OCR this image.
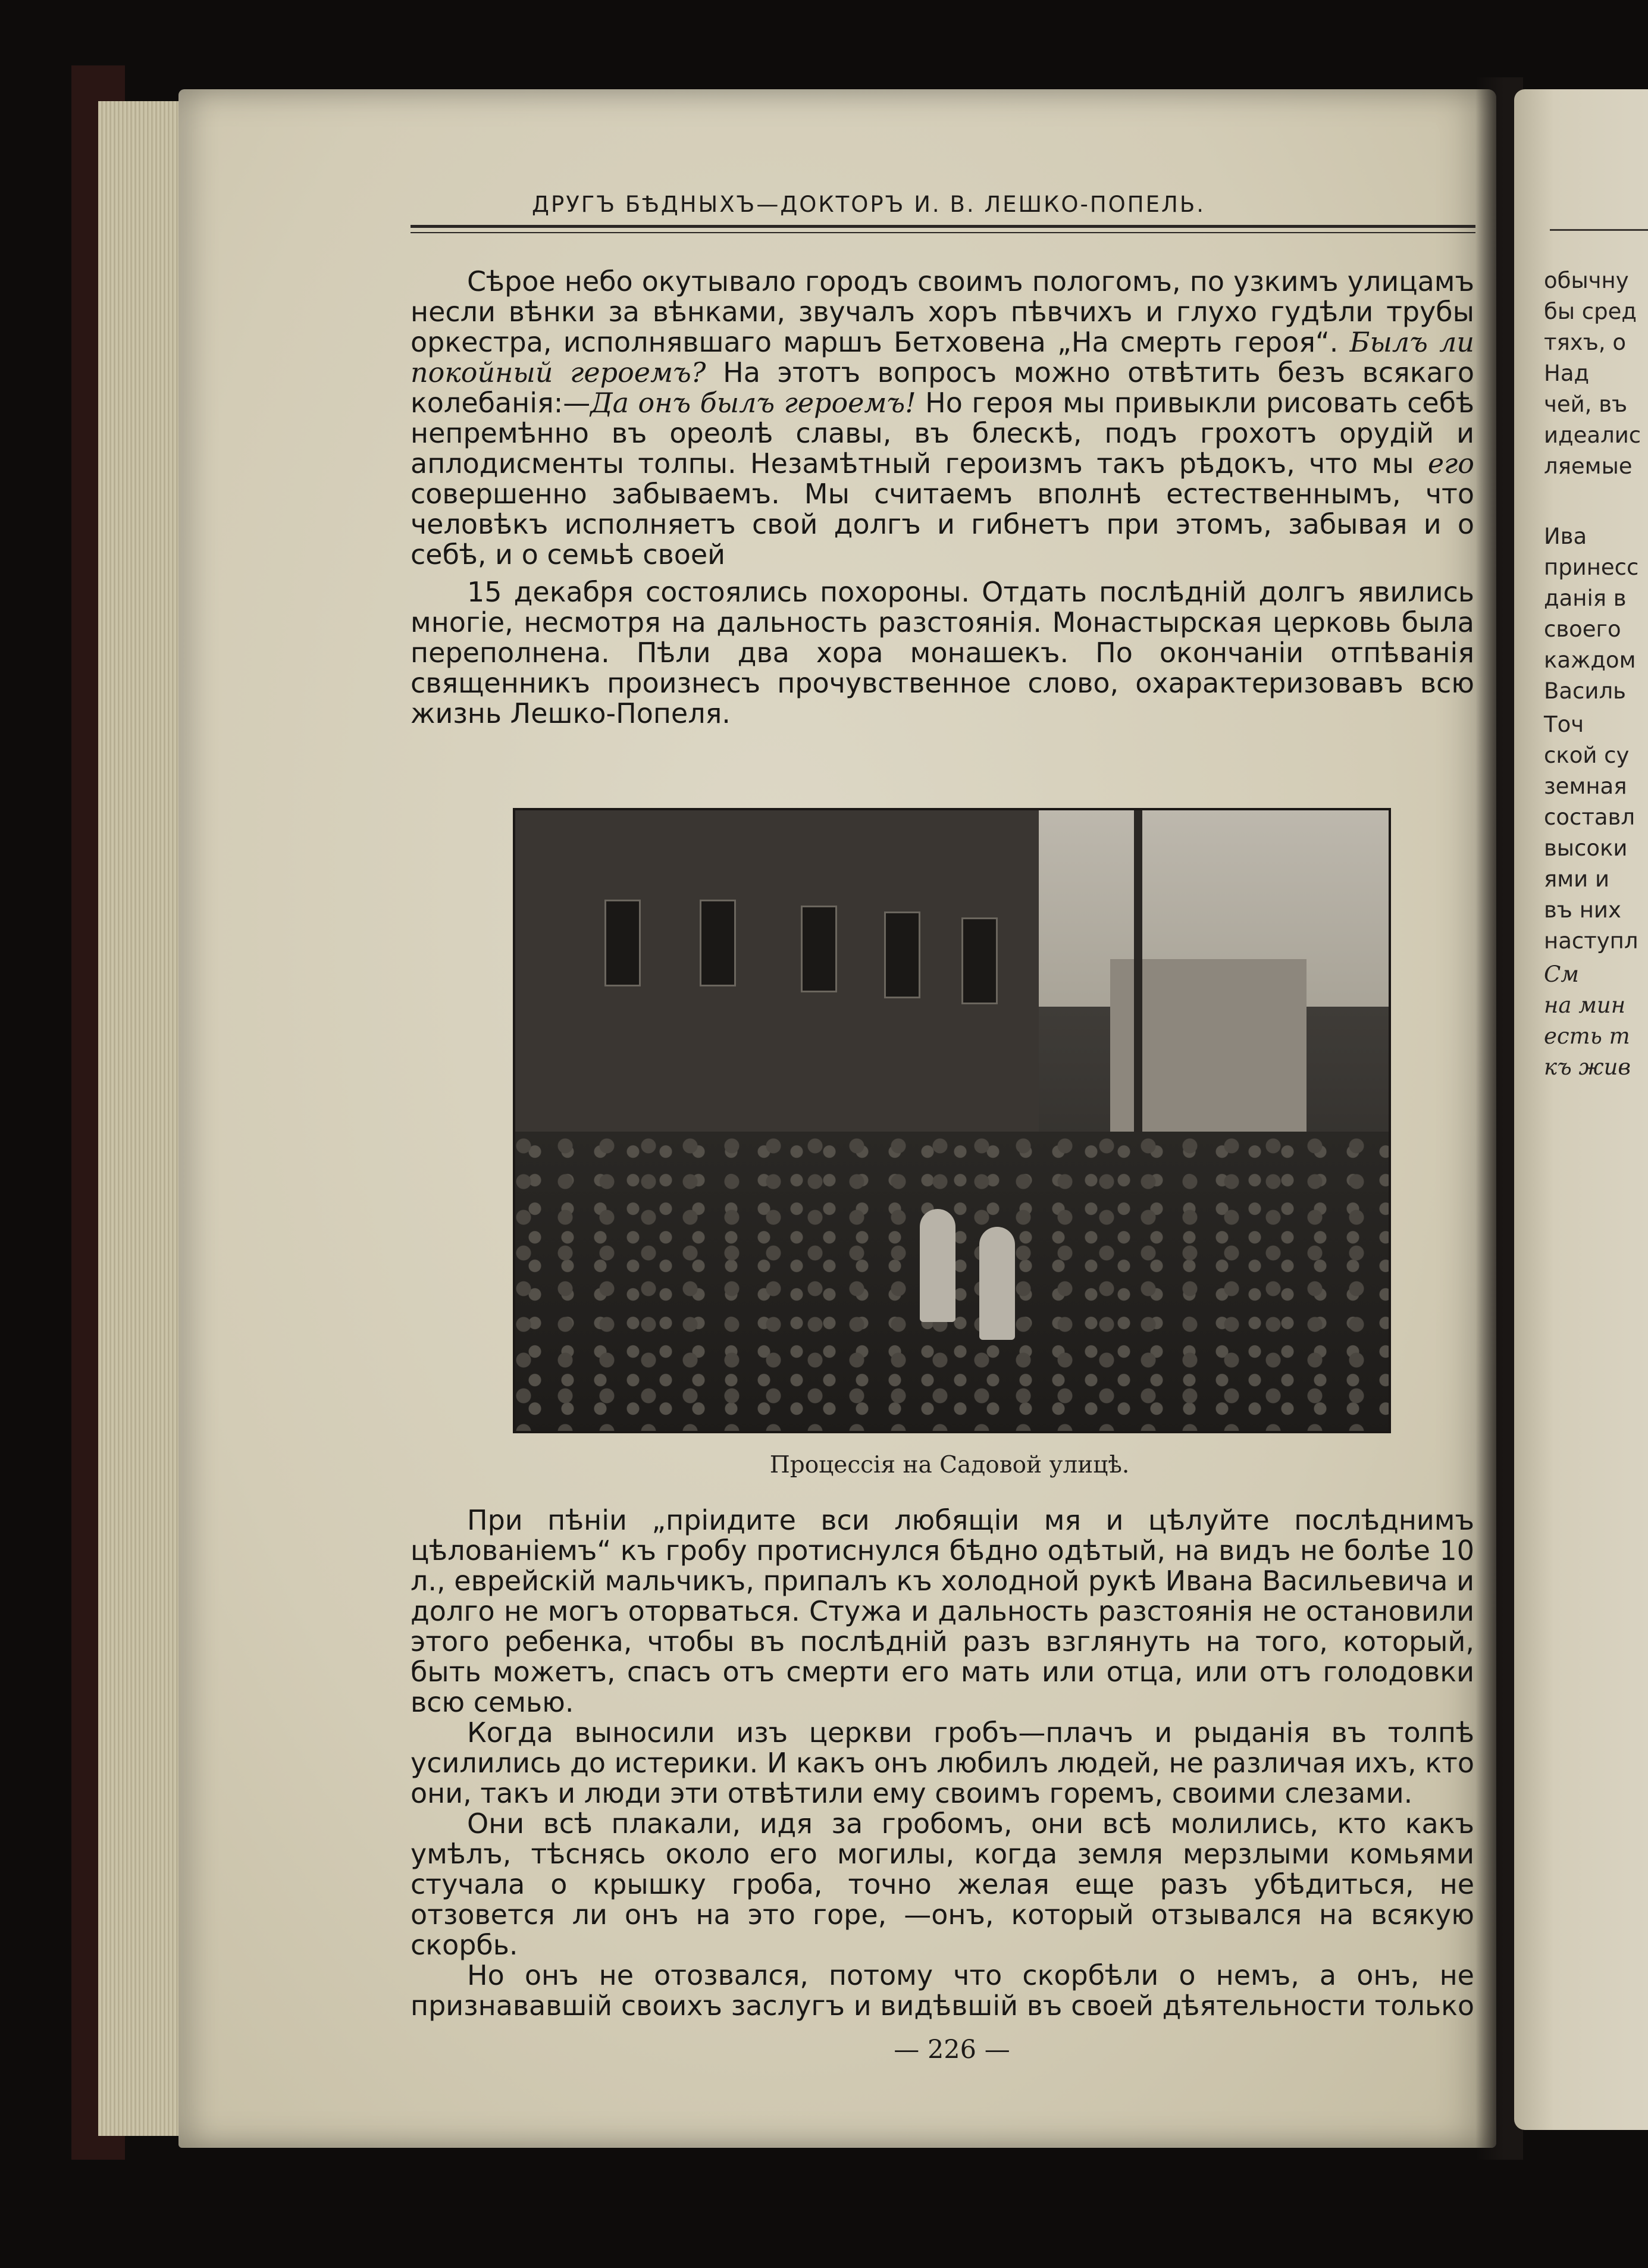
обычну
бы сред
тяхъ, о
Над
чей, въ
идеалис
ляемые
Ива
принесс
данія в
своего
каждом
Василь
Точ
ской су
земная
составл
высоки
ями и
въ них
наступл
См
на мин
есть т
къ жив
ДРУГЪ БѢДНЫХЪ—ДОКТОРЪ И. В. ЛЕШКО-ПОПЕЛЬ.

Сѣрое небо окутывало городъ своимъ пологомъ, по узкимъ улицамъ несли вѣнки за вѣнками, звучалъ хоръ пѣвчихъ и глухо гудѣли трубы оркестра, исполнявшаго маршъ Бетховена „На смерть героя“. Былъ ли покойный героемъ? На этотъ вопросъ можно отвѣтить безъ всякаго колебанія:—Да онъ былъ героемъ! Но героя мы привыкли рисовать себѣ непремѣнно въ ореолѣ славы, въ блескѣ, подъ грохотъ орудій и аплодисменты толпы. Незамѣтный героизмъ такъ рѣдокъ, что мы его совершенно забываемъ. Мы считаемъ вполнѣ естественнымъ, что человѣкъ исполняетъ свой долгъ и гибнетъ при этомъ, забывая и о себѣ, и о семьѣ своей

15 декабря состоялись похороны. Отдать послѣдній долгъ явились многіе, несмотря на дальность разстоянія. Монастырская церковь была переполнена. Пѣли два хора монашекъ. По окончаніи отпѣванія священникъ произнесъ прочувственное слово, охарактеризовавъ всю жизнь Лешко-Попеля.

Процессія на Садовой улицѣ.

При пѣніи „пріидите вси любящіи мя и цѣлуйте послѣднимъ цѣлованіемъ“ къ гробу протиснулся бѣдно одѣтый, на видъ не болѣе 10 л., еврейскій мальчикъ, припалъ къ холодной рукѣ Ивана Васильевича и долго не могъ оторваться. Стужа и дальность разстоянія не остановили этого ребенка, чтобы въ послѣдній разъ взглянуть на того, который, быть можетъ, спасъ отъ смерти его мать или отца, или отъ голодовки всю семью.

Когда выносили изъ церкви гробъ—плачъ и рыданія въ толпѣ усилились до истерики. И какъ онъ любилъ людей, не различая ихъ, кто они, такъ и люди эти отвѣтили ему своимъ горемъ, своими слезами.

Они всѣ плакали, идя за гробомъ, они всѣ молились, кто какъ умѣлъ, тѣснясь около его могилы, когда земля мерзлыми комьями стучала о крышку гроба, точно желая еще разъ убѣдиться, не отзовется ли онъ на это горе, —онъ, который отзывался на всякую скорбь.

Но онъ не отозвался, потому что скорбѣли о немъ, а онъ, не признававшій своихъ заслугъ и видѣвшій въ своей дѣятельности только

— 226 —
